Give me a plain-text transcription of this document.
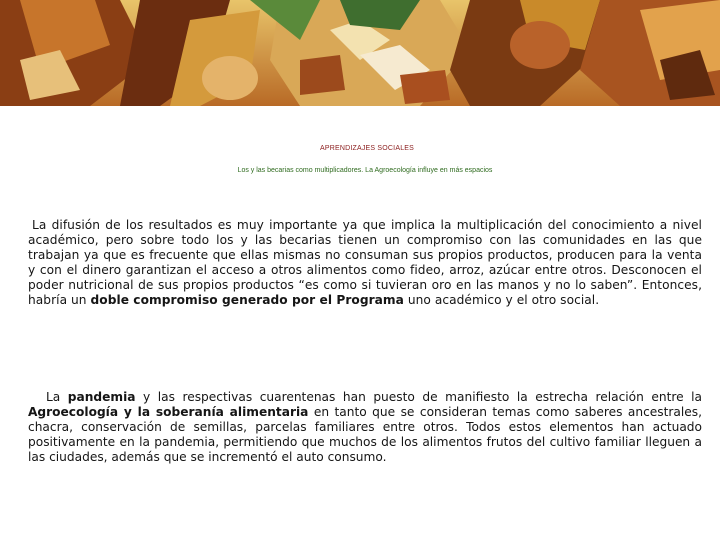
APRENDIZAJES SOCIALES
Los y las becarias como multiplicadores. La Agroecología influye en más espacios

La difusión de los resultados es muy importante ya que implica la multiplicación del conocimiento a nivel académico, pero sobre todo los y las becarias tienen un compromiso con las comunidades en las que trabajan ya que es frecuente que ellas mismas no consuman sus propios productos, producen para la venta y con el dinero garantizan el acceso a otros alimentos como fideo, arroz, azúcar entre otros. Desconocen el poder nutricional de sus propios productos “es como si tuvieran oro en las manos y no lo saben”. Entonces, habría un doble compromiso generado por el Programa uno académico y el otro social.

La pandemia y las respectivas cuarentenas han puesto de manifiesto la estrecha relación entre la Agroecología y la soberanía alimentaria en tanto que se consideran temas como saberes ancestrales, chacra, conservación de semillas, parcelas familiares entre otros. Todos estos elementos han actuado positivamente en la pandemia, permitiendo que muchos de los alimentos frutos del cultivo familiar lleguen a las ciudades, además que se incrementó el auto consumo.
